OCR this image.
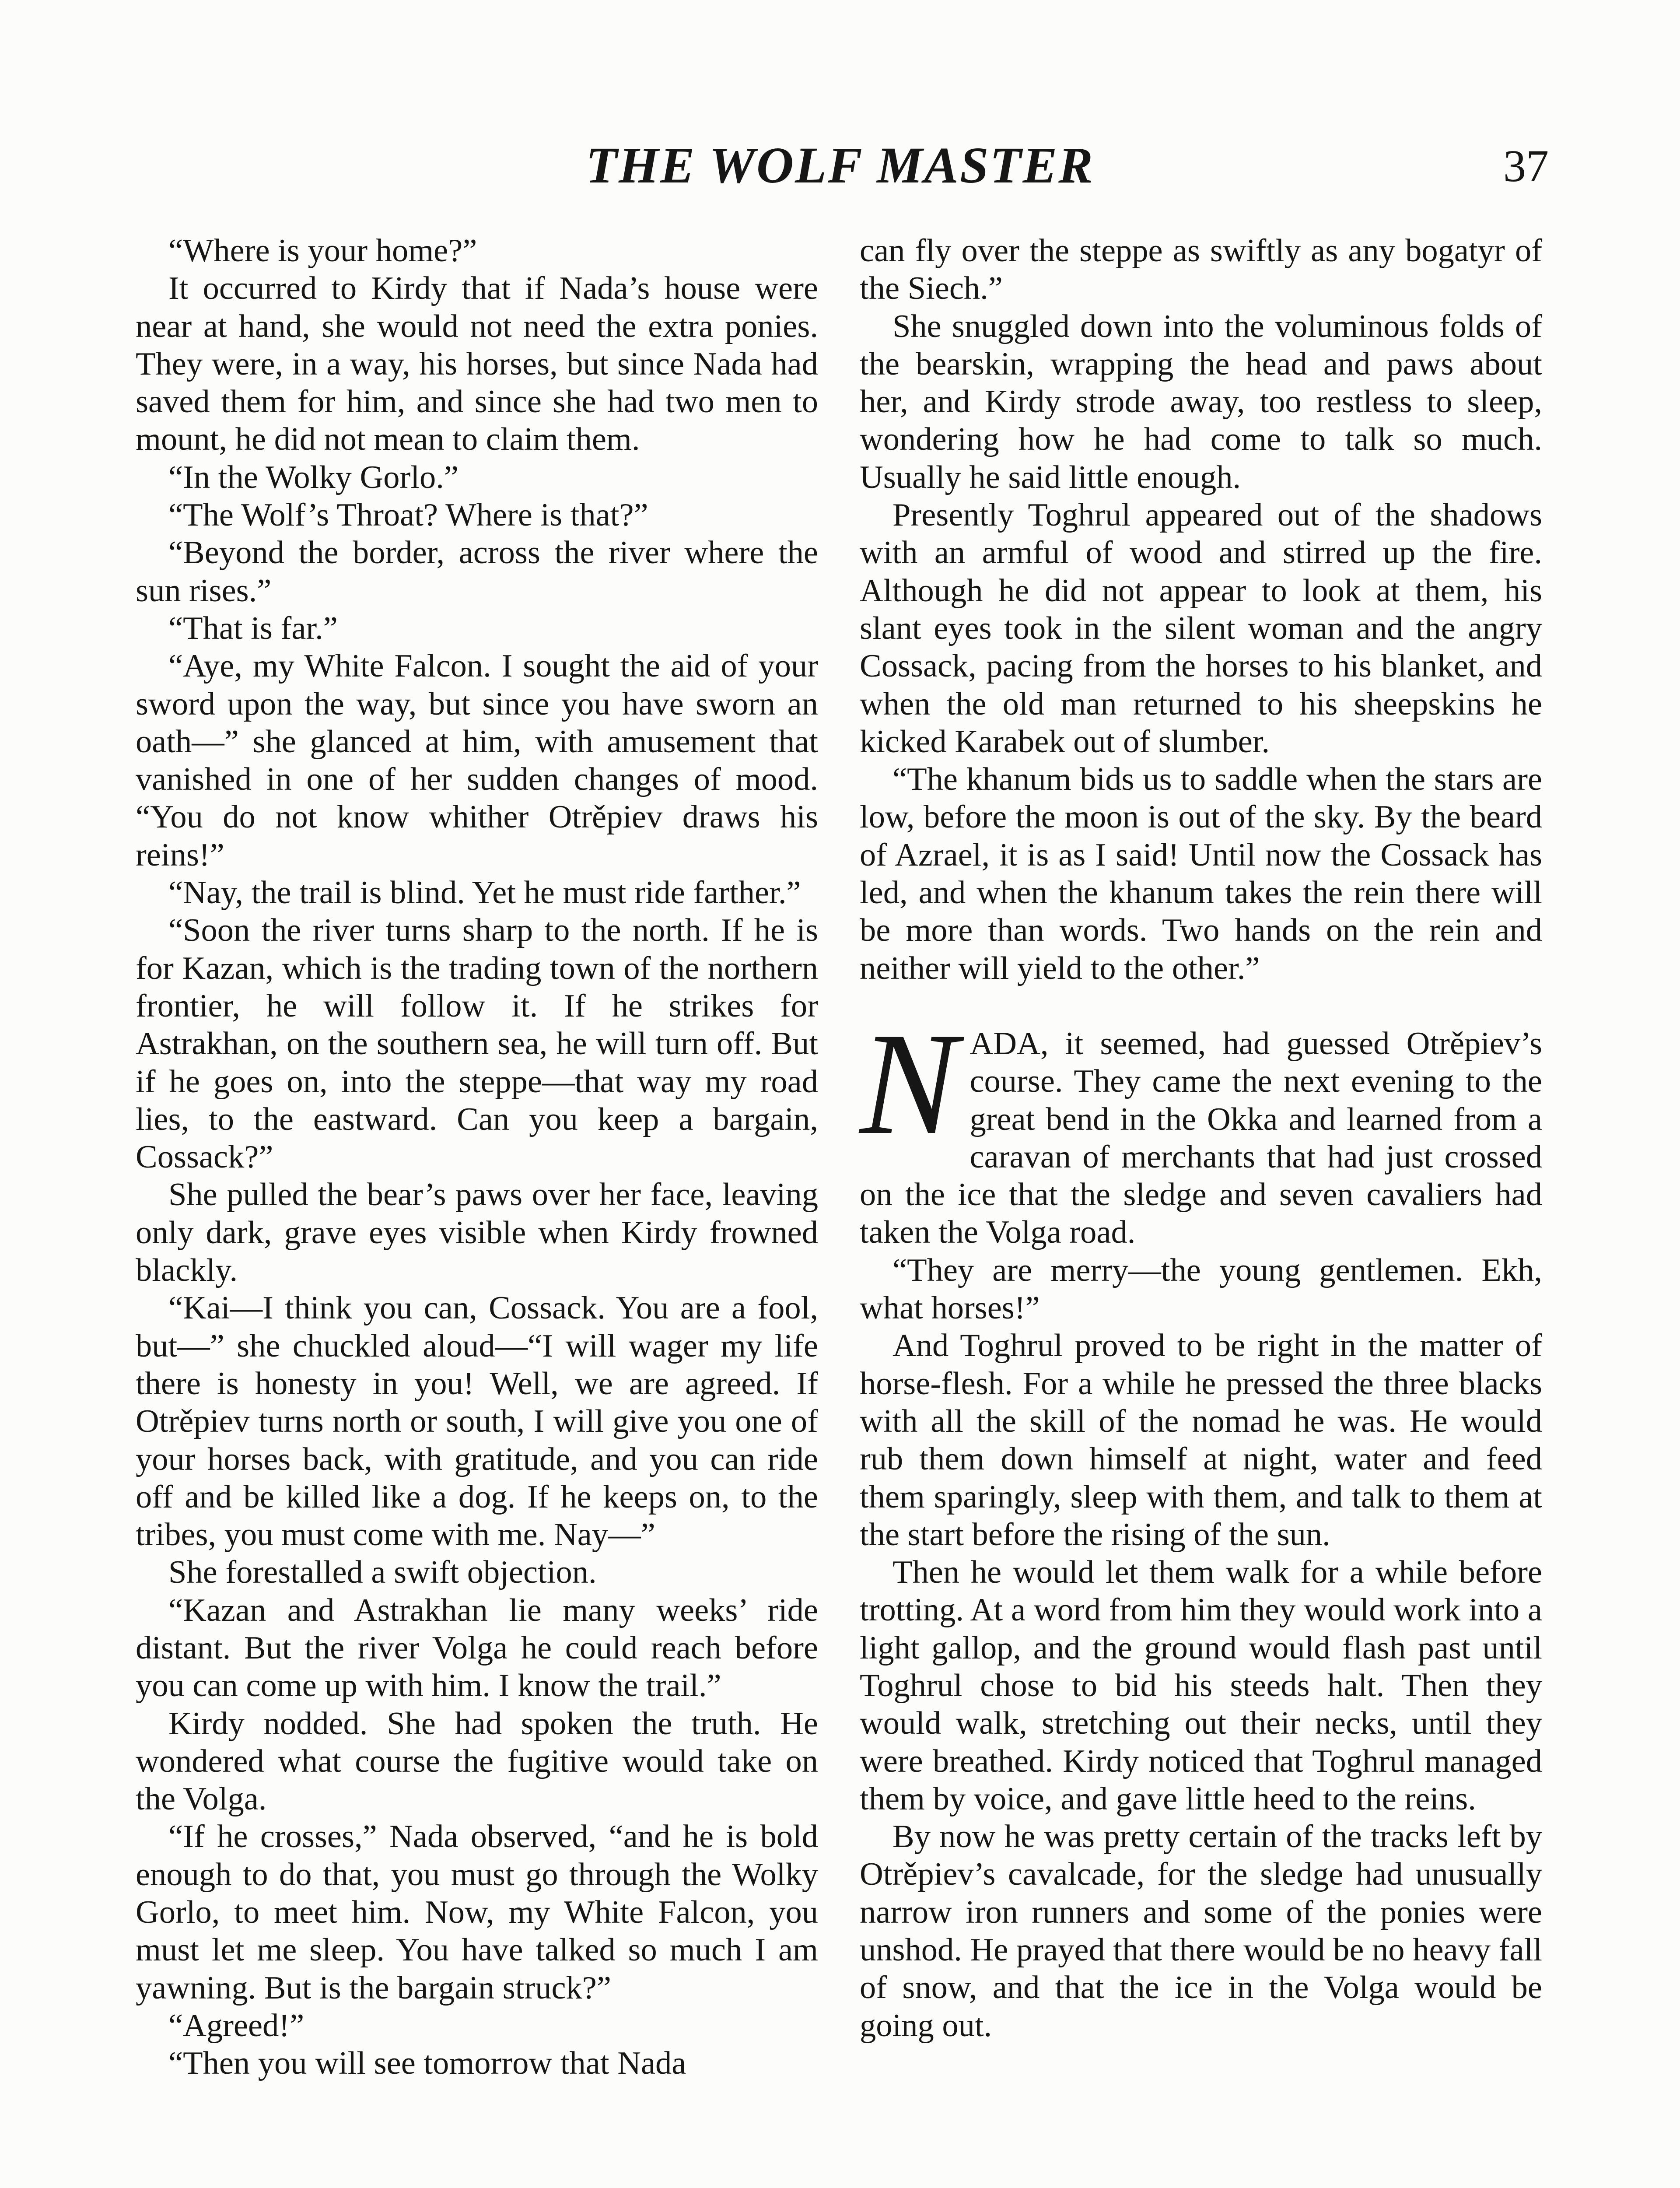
THE WOLF MASTER	37

“Where is your home?”

It occurred to Kirdy that if Nada’s house were near at hand, she would not need the extra ponies. They were, in a way, his horses, but since Nada had saved them for him, and since she had two men to mount, he did not mean to claim them.

“In the Wolky Gorlo.”

“The Wolf’s Throat? Where is that?”

“Beyond the border, across the river where the sun rises.”

“That is far.”

“Aye, my White Falcon. I sought the aid of your sword upon the way, but since you have sworn an oath—” she glanced at him, with amusement that vanished in one of her sudden changes of mood. “You do not know whither Otrěpiev draws his reins!”

“Nay, the trail is blind. Yet he must ride farther.”

“Soon the river turns sharp to the north. If he is for Kazan, which is the trading town of the northern frontier, he will follow it. If he strikes for Astrakhan, on the southern sea, he will turn off. But if he goes on, into the steppe—that way my road lies, to the eastward. Can you keep a bargain, Cossack?”

She pulled the bear’s paws over her face, leaving only dark, grave eyes visible when Kirdy frowned blackly.

“Kai—I think you can, Cossack. You are a fool, but—” she chuckled aloud—“I will wager my life there is honesty in you! Well, we are agreed. If Otrěpiev turns north or south, I will give you one of your horses back, with gratitude, and you can ride off and be killed like a dog. If he keeps on, to the tribes, you must come with me. Nay—”

She forestalled a swift objection.

“Kazan and Astrakhan lie many weeks’ ride distant. But the river Volga he could reach before you can come up with him. I know the trail.”

Kirdy nodded. She had spoken the truth. He wondered what course the fugitive would take on the Volga.

“If he crosses,” Nada observed, “and he is bold enough to do that, you must go through the Wolky Gorlo, to meet him. Now, my White Falcon, you must let me sleep. You have talked so much I am yawning. But is the bargain struck?”

“Agreed!”

“Then you will see tomorrow that Nada

can fly over the steppe as swiftly as any bogatyr of the Siech.”

She snuggled down into the voluminous folds of the bearskin, wrapping the head and paws about her, and Kirdy strode away, too restless to sleep, wondering how he had come to talk so much. Usually he said little enough.

Presently Toghrul appeared out of the shadows with an armful of wood and stirred up the fire. Although he did not appear to look at them, his slant eyes took in the silent woman and the angry Cossack, pacing from the horses to his blanket, and when the old man returned to his sheepskins he kicked Karabek out of slumber.

“The khanum bids us to saddle when the stars are low, before the moon is out of the sky. By the beard of Azrael, it is as I said! Until now the Cossack has led, and when the khanum takes the rein there will be more than words. Two hands on the rein and neither will yield to the other.”

NADA, it seemed, had guessed Otrěpiev’s course. They came the next evening to the great bend in the Okka and learned from a caravan of merchants that had just crossed on the ice that the sledge and seven cavaliers had taken the Volga road.

“They are merry—the young gentlemen. Ekh, what horses!”

And Toghrul proved to be right in the matter of horse-flesh. For a while he pressed the three blacks with all the skill of the nomad he was. He would rub them down himself at night, water and feed them sparingly, sleep with them, and talk to them at the start before the rising of the sun.

Then he would let them walk for a while before trotting. At a word from him they would work into a light gallop, and the ground would flash past until Toghrul chose to bid his steeds halt. Then they would walk, stretching out their necks, until they were breathed. Kirdy noticed that Toghrul managed them by voice, and gave little heed to the reins.

By now he was pretty certain of the tracks left by Otrěpiev’s cavalcade, for the sledge had unusually narrow iron runners and some of the ponies were unshod. He prayed that there would be no heavy fall of snow, and that the ice in the Volga would be going out.
